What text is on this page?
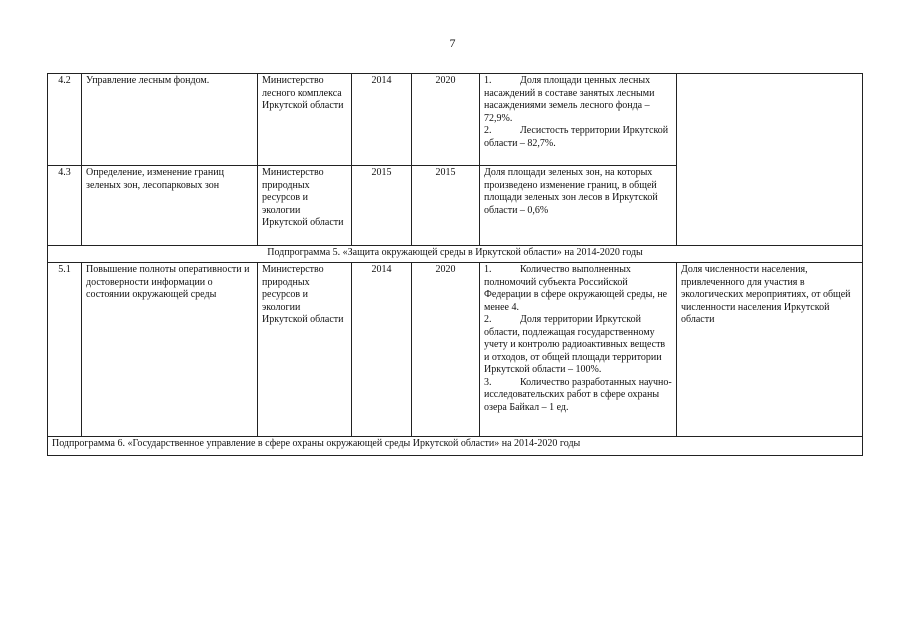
7
4.2	Управление лесным фондом.	Министерство лесного комплекса Иркутской области	2014	2020	1. Доля площади ценных лесных насаждений в составе занятых лесными насаждениями земель лесного фонда – 72,9%.
2. Лесистость территории Иркутской области – 82,7%.	

4.3	Определение, изменение границ зеленых зон, лесопарковых зон	Министерство природных ресурсов и экологии Иркутской области	2015	2015	Доля площади зеленых зон, на которых произведено изменение границ, в общей площади зеленых зон лесов в Иркутской области – 0,6%	
Подпрограмма 5. «Защита окружающей среды в Иркутской области» на 2014-2020 годы						
5.1	Повышение полноты оперативности и достоверности информации о состоянии окружающей среды	Министерство природных ресурсов и экологии Иркутской области	2014	2020	1. Количество выполненных полномочий субъекта Российской Федерации в сфере окружающей среды, не менее 4.
2. Доля территории Иркутской области, подлежащая государственному учету и контролю радиоактивных веществ и отходов, от общей площади территории Иркутской области – 100%.
3. Количество разработанных научно-исследовательских работ в сфере охраны озера Байкал – 1 ед.	Доля численности населения, привлеченного для участия в экологических мероприятиях, от общей численности населения Иркутской области
Подпрограмма 6. «Государственное управление в сфере охраны окружающей среды Иркутской области» на 2014-2020 годы						
